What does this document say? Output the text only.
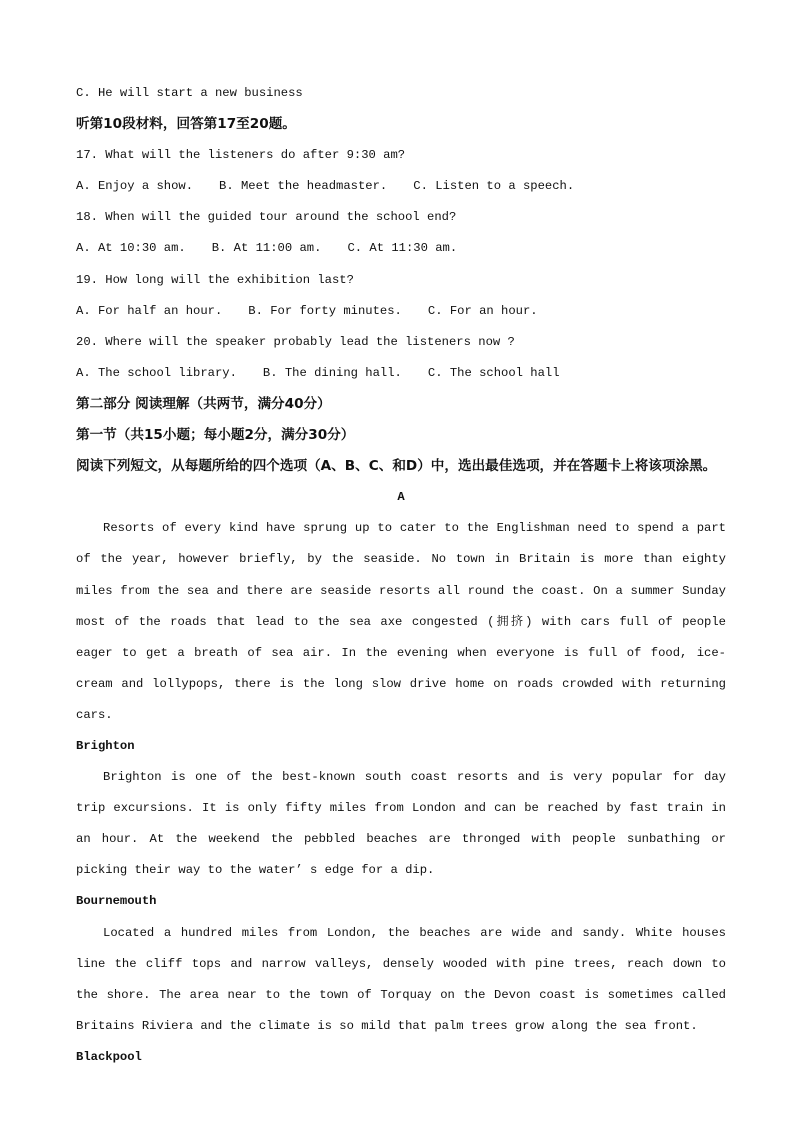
C. He will start a new business
听第10段材料，回答第17至20题。
17. What will the listeners do after 9:30 am?
A. Enjoy a show. B. Meet the headmaster. C. Listen to a speech.
18. When will the guided tour around the school end?
A. At 10:30 am. B. At 11:00 am. C. At 11:30 am.
19. How long will the exhibition last?
A. For half an hour. B. For forty minutes. C. For an hour.
20. Where will the speaker probably lead the listeners now ?
A. The school library. B. The dining hall. C. The school hall
第二部分 阅读理解（共两节，满分40分）
第一节（共15小题；每小题2分，满分30分）
阅读下列短文，从每题所给的四个选项（A、B、C、和D）中，选出最佳选项，并在答题卡上将该项涂黑。
A

Resorts of every kind have sprung up to cater to the Englishman need to spend a part of the year, however briefly, by the seaside. No town in Britain is more than eighty miles from the sea and there are seaside resorts all round the coast. On a summer Sunday most of the roads that lead to the sea axe congested (拥挤) with cars full of people eager to get a breath of sea air. In the evening when everyone is full of food, ice-cream and lollypops, there is the long slow drive home on roads crowded with returning cars.

Brighton

Brighton is one of the best-known south coast resorts and is very popular for day trip excursions. It is only fifty miles from London and can be reached by fast train in an hour. At the weekend the pebbled beaches are thronged with people sunbathing or picking their way to the water’ s edge for a dip.

Bournemouth

Located a hundred miles from London, the beaches are wide and sandy. White houses line the cliff tops and narrow valleys, densely wooded with pine trees, reach down to the shore. The area near to the town of Torquay on the Devon coast is sometimes called Britains Riviera and the climate is so mild that palm trees grow along the sea front.

Blackpool
